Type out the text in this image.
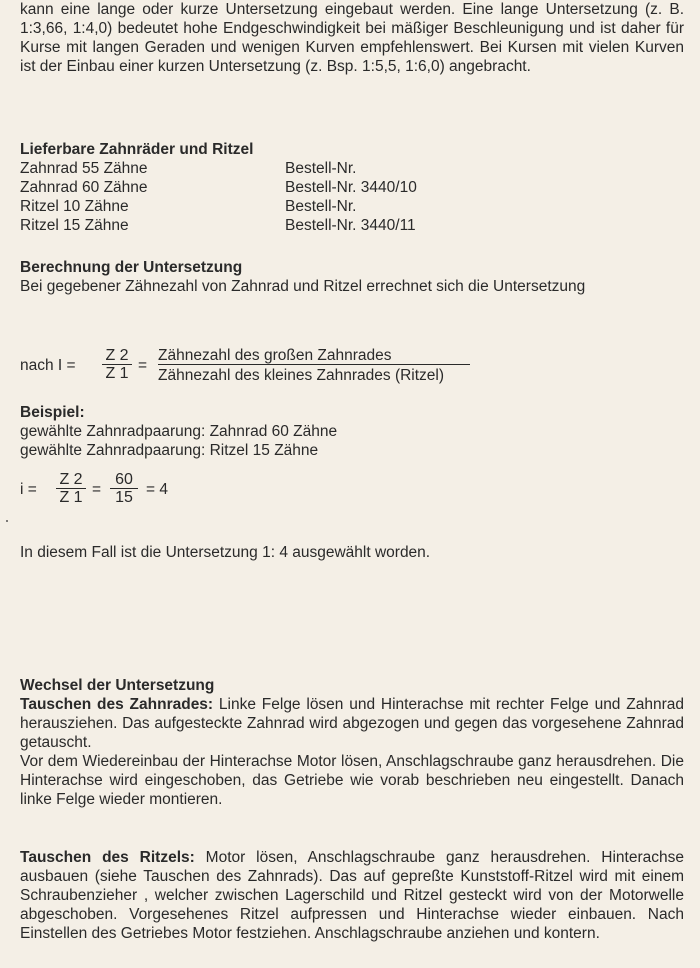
kann eine lange oder kurze Untersetzung eingebaut werden. Eine lange Untersetzung (z. B. 1:3,66, 1:4,0) bedeutet hohe Endgeschwindigkeit bei mäßiger Beschleunigung und ist daher für Kurse mit langen Geraden und wenigen Kurven empfehlenswert. Bei Kursen mit vielen Kurven ist der Einbau einer kurzen Untersetzung (z. Bsp. 1:5,5, 1:6,0) angebracht.

Lieferbare Zahnräder und Ritzel
Zahnrad 55 Zähne	Bestell-Nr.
Zahnrad 60 Zähne	Bestell-Nr. 3440/10
Ritzel 10 Zähne	Bestell-Nr.
Ritzel 15 Zähne	Bestell-Nr. 3440/11
Berechnung der Untersetzung
Bei gegebener Zähnezahl von Zahnrad und Ritzel errechnet sich die Untersetzung
nach $I = \frac{Z 2}{Z 1}$ =
Zähnezahl des großen Zahnrades
Zähnezahl des kleines Zahnrades (Ritzel)
Beispiel:
gewählte Zahnradpaarung: Zahnrad 60 Zähne
gewählte Zahnradpaarung: Ritzel 15 Zähne
$i = \frac{Z 2}{Z 1} = \frac{60}{15} = 4$
In diesem Fall ist die Untersetzung 1: 4 ausgewählt worden.
Wechsel der Untersetzung
Tauschen des Zahnrades: Linke Felge lösen und Hinterachse mit rechter Felge und Zahnrad herausziehen. Das aufgesteckte Zahnrad wird abgezogen und gegen das vorgesehene Zahnrad getauscht.
Vor dem Wiedereinbau der Hinterachse Motor lösen, Anschlagschraube ganz herausdrehen. Die Hinterachse wird eingeschoben, das Getriebe wie vorab beschrieben neu eingestellt. Danach linke Felge wieder montieren.
Tauschen des Ritzels: Motor lösen, Anschlagschraube ganz herausdrehen. Hinterachse ausbauen (siehe Tauschen des Zahnrads). Das auf gepreßte Kunststoff-Ritzel wird mit einem Schraubenzieher , welcher zwischen Lagerschild und Ritzel gesteckt wird von der Motorwelle abgeschoben. Vorgesehenes Ritzel aufpressen und Hinterachse wieder einbauen. Nach Einstellen des Getriebes Motor festziehen. Anschlagschraube anziehen und kontern.
